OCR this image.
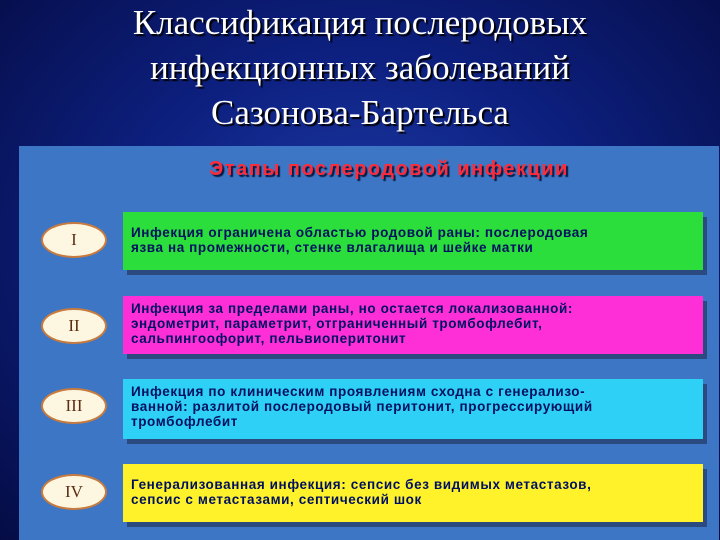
Классификация послеродовых
инфекционных заболеваний
Сазонова-Бартельса
Этапы послеродовой инфекции
I	Инфекция ограничена областью родовой раны: послеродовая
язва на промежности, стенке влагалища и шейке матки
II
Инфекция за пределами раны, но остается локализованной:
эндометрит, параметрит, отграниченный тромбофлебит,
сальпингоофорит, пельвиоперитонит
III
Инфекция по клиническим проявлениям сходна с генерализо-
ванной: разлитой послеродовый перитонит, прогрессирующий
тромбофлебит
IV	Генерализованная инфекция: сепсис без видимых метастазов,
сепсис с метастазами, септический шок
